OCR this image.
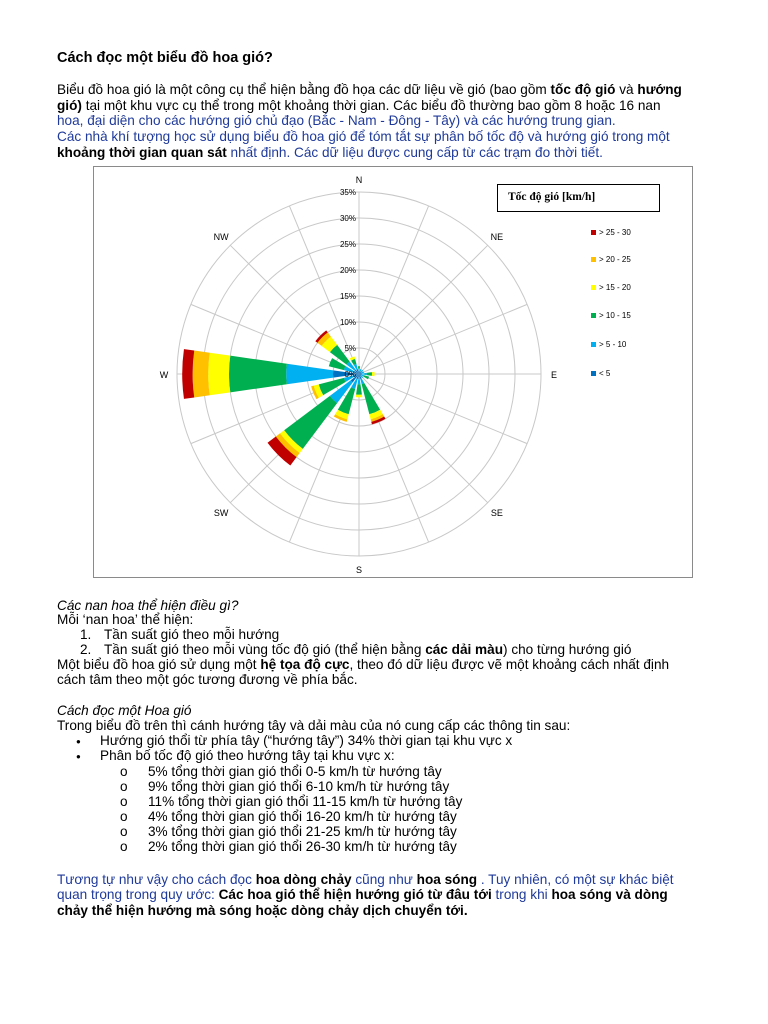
Cách đọc một biểu đồ hoa gió?
Biểu đồ hoa gió là một công cụ thể hiện bằng đồ họa các dữ liệu về gió (bao gồm tốc độ gió và hướng
gió) tại một khu vực cụ thể trong một khoảng thời gian. Các biểu đồ thường bao gồm 8 hoặc 16 nan
hoa, đại diện cho các hướng gió chủ đạo (Bắc - Nam - Đông - Tây) và các hướng trung gian.
Các nhà khí tượng học sử dụng biểu đồ hoa gió để tóm tắt sự phân bố tốc độ và hướng gió trong một
khoảng thời gian quan sát nhất định. Các dữ liệu được cung cấp từ các trạm đo thời tiết.
0%
5%
10%
15%
20%
25%
30%
35%
N
NE
E
SE
S
SW
W
NW
Tốc độ gió [km/h]
> 25 - 30
> 20 - 25
> 15 - 20
> 10 - 15
> 5 - 10
< 5
Các nan hoa thể hiện điều gì?
Mỗi ‘nan hoa’ thể hiện:
1. Tần suất gió theo mỗi hướng
2. Tần suất gió theo mỗi vùng tốc độ gió (thể hiện bằng các dải màu) cho từng hướng gió
Một biểu đồ hoa gió sử dụng một hệ tọa độ cực, theo đó dữ liệu được vẽ một khoảng cách nhất định
cách tâm theo một góc tương đương về phía bắc.
Cách đọc một Hoa gió
Trong biểu đồ trên thì cánh hướng tây và dải màu của nó cung cấp các thông tin sau:
● Hướng gió thổi từ phía tây (“hướng tây”) 34% thời gian tại khu vực x
● Phân bố tốc độ gió theo hướng tây tại khu vực x:
o 5% tổng thời gian gió thổi 0-5 km/h từ hướng tây
o 9% tổng thời gian gió thổi 6-10 km/h từ hướng tây
o 11% tổng thời gian gió thổi 11-15 km/h từ hướng tây
o 4% tổng thời gian gió thổi 16-20 km/h từ hướng tây
o 3% tổng thời gian gió thổi 21-25 km/h từ hướng tây
o 2% tổng thời gian gió thổi 26-30 km/h từ hướng tây
Tương tự như vậy cho cách đọc hoa dòng chảy cũng như hoa sóng . Tuy nhiên, có một sự khác biệt
quan trọng trong quy ước: Các hoa gió thể hiện hướng gió từ đâu tới trong khi hoa sóng và dòng
chảy thể hiện hướng mà sóng hoặc dòng chảy dịch chuyển tới.
